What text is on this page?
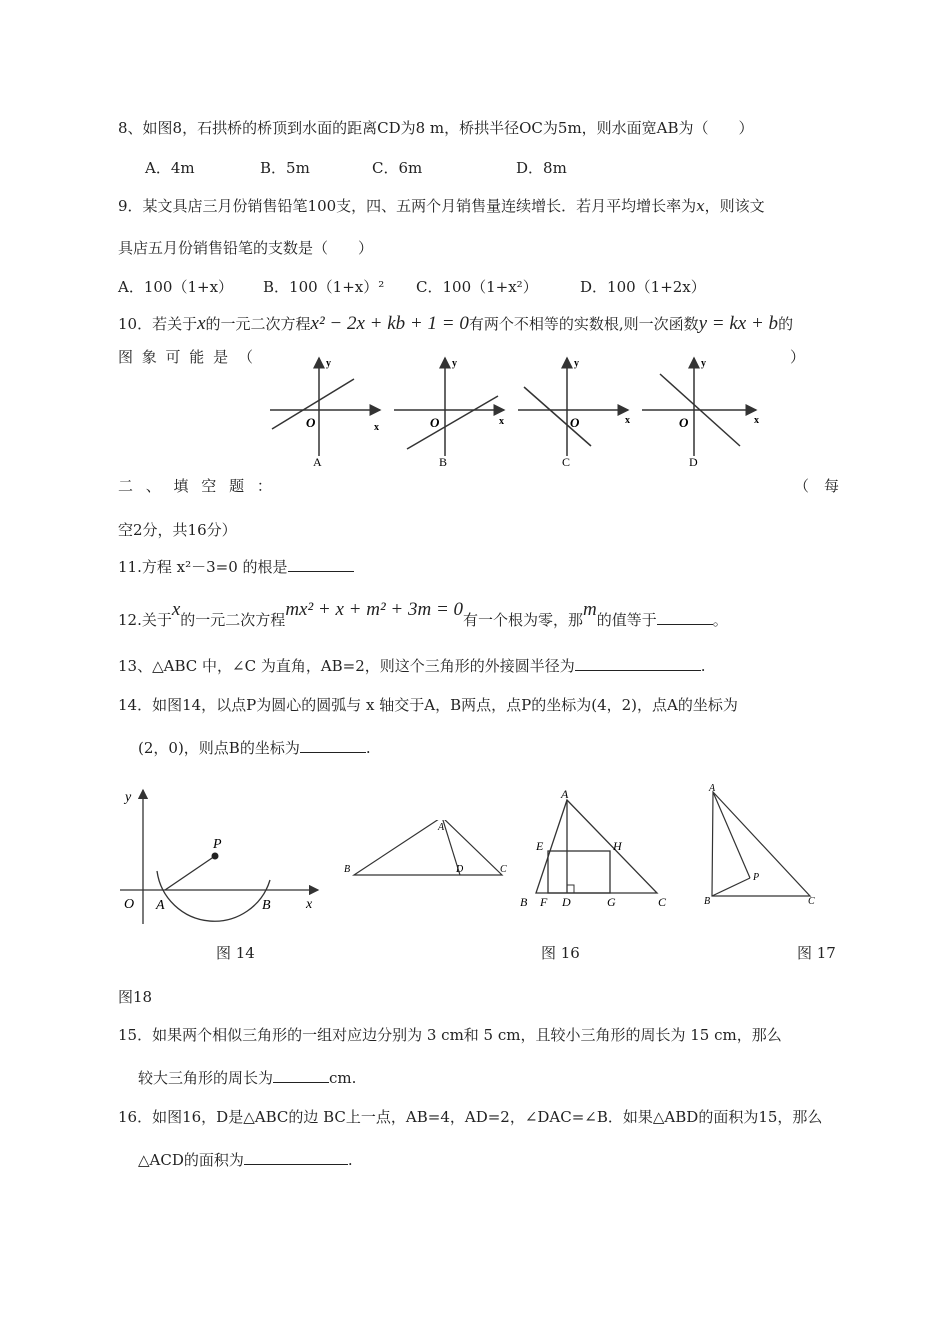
8、如图8，石拱桥的桥顶到水面的距离CD为8 m，桥拱半径OC为5m，则水面宽AB为（　　）
A．4m	B．5m	C．6m	D．8m
9．某文具店三月份销售铅笔100支，四、五两个月销售量连续增长．若月平均增长率为x，则该文
具店五月份销售铅笔的支数是（　　）
A．100（1+x） B．100（1+x）² C．100（1+x²）	D．100（1+2x）
10．若关于x的一元二次方程x² − 2x + kb + 1 = 0有两个不相等的实数根,则一次函数y = kx + b的
图 象 可 能 是 （	）
y
x
O
A
y
x
O
B
y
x
O
C
y
x
O
D
二 、 填 空 题 ：	（　每
空2分，共16分）
11.方程 x²－3=0 的根是
12.关于x的一元二次方程mx² + x + m² + 3m = 0有一个根为零，那m的值等于	。
13、△ABC 中，∠C 为直角，AB=2，则这个三角形的外接圆半径为	.
14．如图14，以点P为圆心的圆弧与 x 轴交于A，B两点，点P的坐标为(4，2)，点A的坐标为
(2，0)，则点B的坐标为	.
y
x
O A	B
P
A
B	D	C
A
E	H
B F D	G	C
A
P
B	C
图 14	图 16	图 17
图18
15．如果两个相似三角形的一组对应边分别为 3 cm和 5 cm，且较小三角形的周长为 15 cm，那么
较大三角形的周长为	cm.
16．如图16，D是△ABC的边 BC上一点，AB=4，AD=2，∠DAC=∠B．如果△ABD的面积为15，那么
△ACD的面积为	.
